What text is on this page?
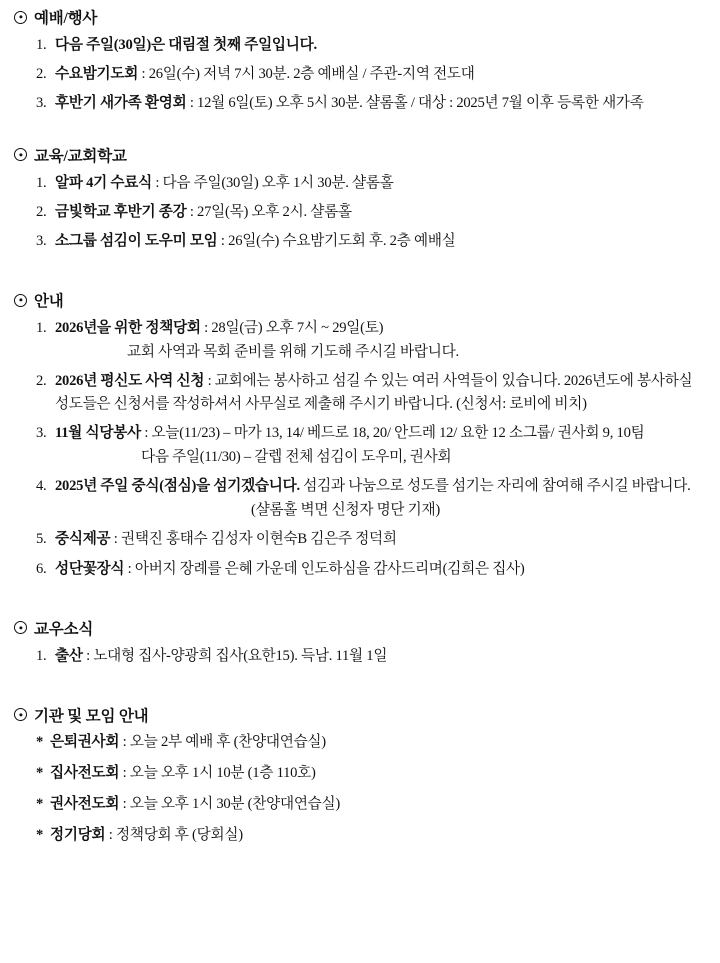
예배/행사
1. 다음 주일(30일)은 대림절 첫째 주일입니다.
2. 수요밤기도회 : 26일(수) 저녁 7시 30분. 2층 예배실 / 주관-지역 전도대
3. 후반기 새가족 환영회 : 12월 6일(토) 오후 5시 30분. 샬롬홀 / 대상 : 2025년 7월 이후 등록한 새가족
교육/교회학교
1. 알파 4기 수료식 : 다음 주일(30일) 오후 1시 30분. 샬롬홀
2. 금빛학교 후반기 종강 : 27일(목) 오후 2시. 샬롬홀
3. 소그룹 섬김이 도우미 모임 : 26일(수) 수요밤기도회 후. 2층 예배실
안내
1. 2026년을 위한 정책당회 : 28일(금) 오후 7시 ~ 29일(토)
교회 사역과 목회 준비를 위해 기도해 주시길 바랍니다.
2. 2026년 평신도 사역 신청 : 교회에는 봉사하고 섬길 수 있는 여러 사역들이 있습니다. 2026년도에 봉사하실 성도들은 신청서를 작성하셔서 사무실로 제출해 주시기 바랍니다. (신청서: 로비에 비치)
3. 11월 식당봉사 : 오늘(11/23) – 마가 13, 14/ 베드로 18, 20/ 안드레 12/ 요한 12 소그룹/ 권사회 9, 10팀
다음 주일(11/30) – 갈렙 전체 섬김이 도우미, 권사회
4. 2025년 주일 중식(점심)을 섬기겠습니다. 섬김과 나눔으로 성도를 섬기는 자리에 참여해 주시길 바랍니다.
(샬롬홀 벽면 신청자 명단 기재)
5. 중식제공 : 권택진 홍태수 김성자 이현숙B 김은주 정덕희
6. 성단꽃장식 : 아버지 장례를 은혜 가운데 인도하심을 감사드리며(김희은 집사)
교우소식
1. 출산 : 노대형 집사-양광희 집사(요한15). 득남. 11월 1일
기관 및 모임 안내
* 은퇴권사회 : 오늘 2부 예배 후 (찬양대연습실)
* 집사전도회 : 오늘 오후 1시 10분 (1층 110호)
* 권사전도회 : 오늘 오후 1시 30분 (찬양대연습실)
* 정기당회 : 정책당회 후 (당회실)
